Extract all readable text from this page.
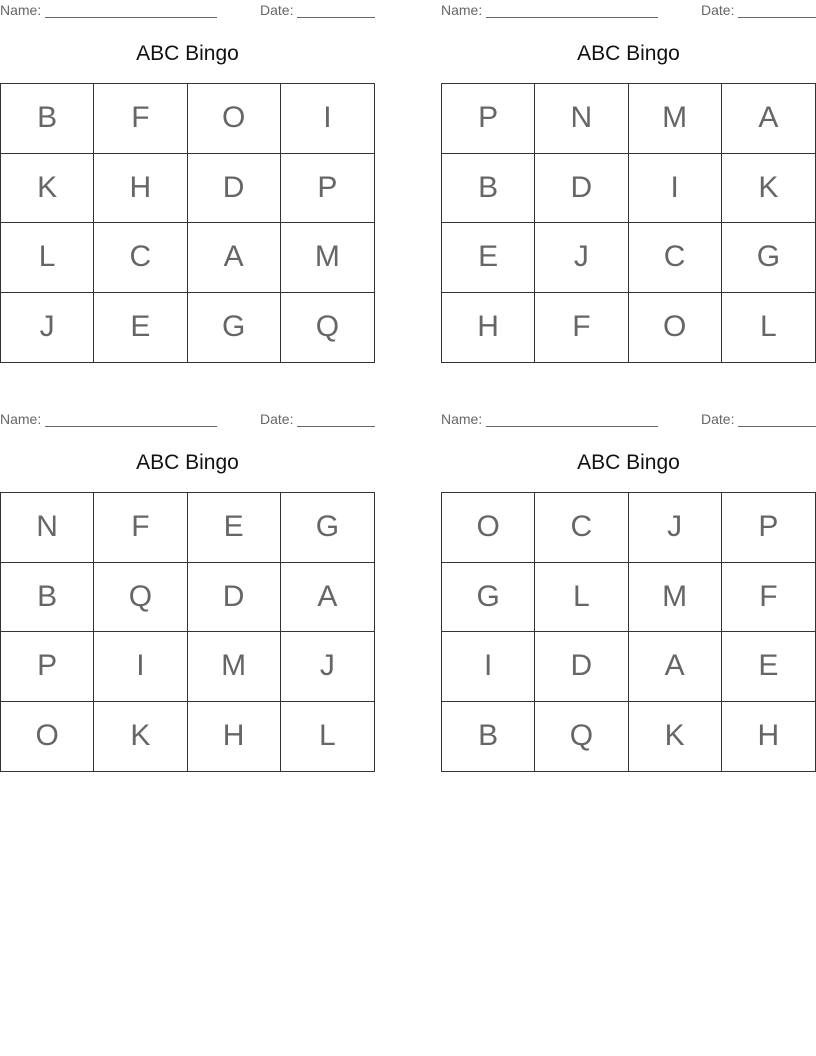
Name:	Date:
ABC Bingo
B	F	O	I
K	H	D	P
L	C	A	M
J	E	G	Q
Name:	Date:
ABC Bingo
P	N	M	A
B	D	I	K
E	J	C	G
H	F	O	L
Name:	Date:
ABC Bingo
N	F	E	G
B	Q	D	A
P	I	M	J
O	K	H	L
Name:	Date:
ABC Bingo
O	C	J	P
G	L	M	F
I	D	A	E
B	Q	K	H
